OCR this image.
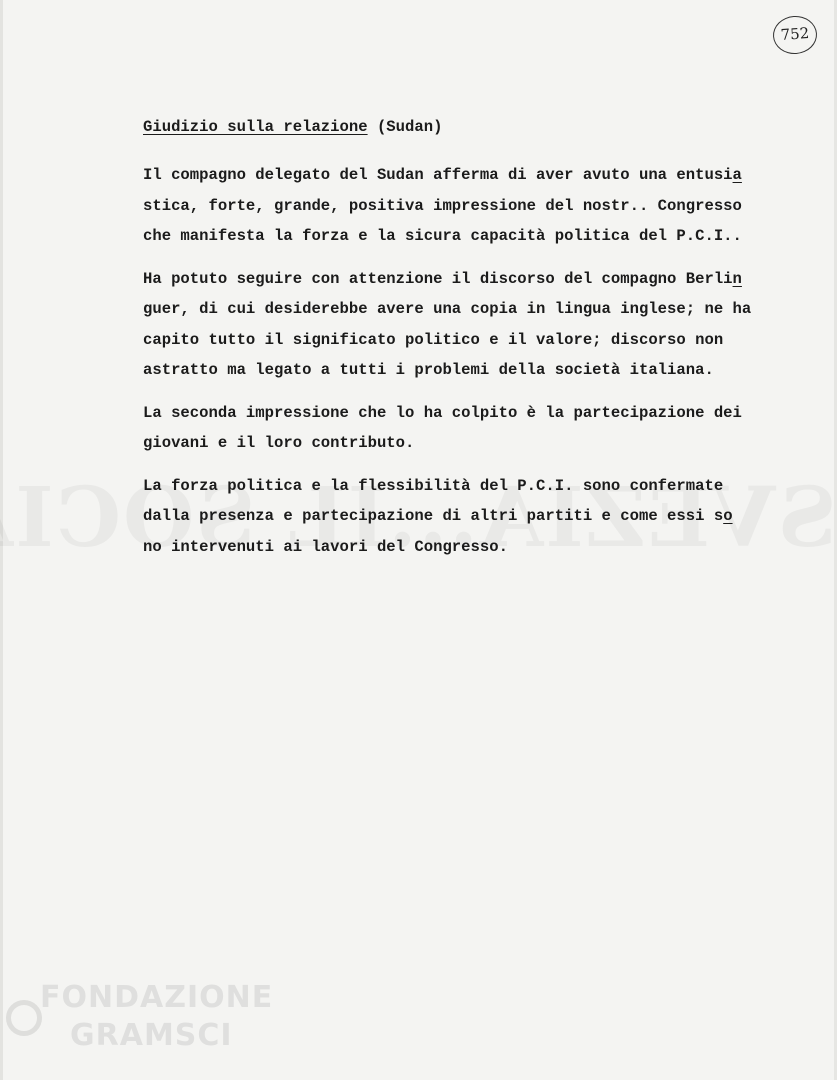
FONDAZIONE
GRAMSCI
752
Giudizio sulla relazione (Sudan)
Il compagno delegato del Sudan afferma di aver avuto una entusia
stica, forte, grande, positiva impressione del nostr.. Congresso
che manifesta la forza e la sicura capacità politica del P.C.I..
Ha potuto seguire con attenzione il discorso del compagno Berlin
guer, di cui desiderebbe avere una copia in lingua inglese; ne ha
capito tutto il significato politico e il valore; discorso non
astratto ma legato a tutti i problemi della società italiana.
La seconda impressione che lo ha colpito è la partecipazione dei
giovani e il loro contributo.
La forza politica e la flessibilità del P.C.I. sono confermate
dalla presenza e partecipazione di altri partiti e come essi so
no intervenuti ai lavori del Congresso.
